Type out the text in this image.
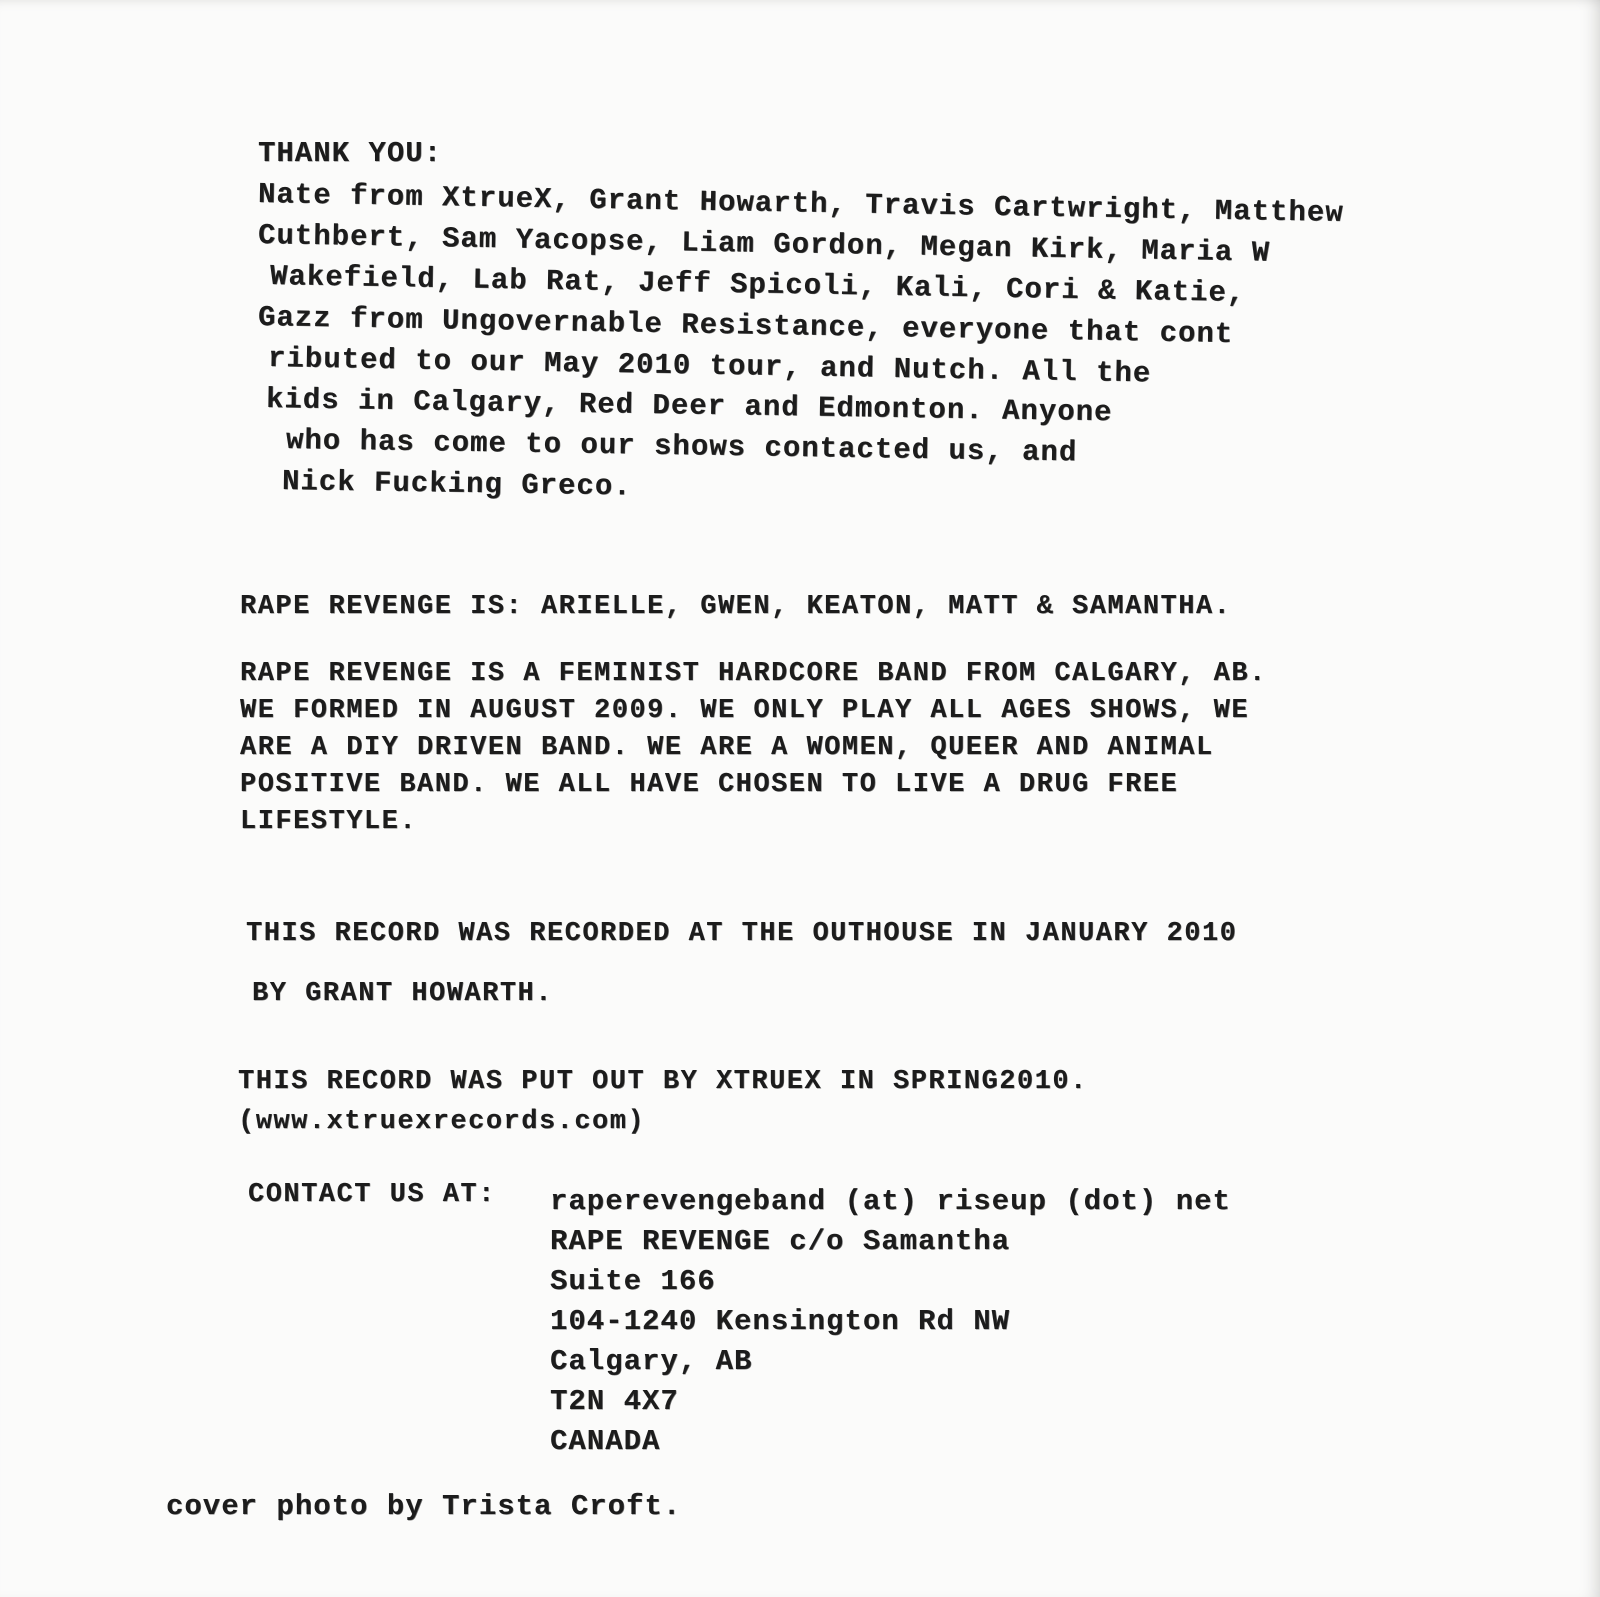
THANK YOU:
Nate from XtrueX, Grant Howarth, Travis Cartwright, Matthew
Cuthbert, Sam Yacopse, Liam Gordon, Megan Kirk, Maria W
Wakefield, Lab Rat, Jeff Spicoli, Kali, Cori & Katie,
Gazz from Ungovernable Resistance, everyone that cont
ributed to our May 2010 tour, and Nutch. All the
kids in Calgary, Red Deer and Edmonton. Anyone
who has come to our shows contacted us, and
Nick Fucking Greco.
RAPE REVENGE IS: ARIELLE, GWEN, KEATON, MATT & SAMANTHA.
RAPE REVENGE IS A FEMINIST HARDCORE BAND FROM CALGARY, AB.
WE FORMED IN AUGUST 2009. WE ONLY PLAY ALL AGES SHOWS, WE
ARE A DIY DRIVEN BAND. WE ARE A WOMEN, QUEER AND ANIMAL
POSITIVE BAND. WE ALL HAVE CHOSEN TO LIVE A DRUG FREE
LIFESTYLE.
THIS RECORD WAS RECORDED AT THE OUTHOUSE IN JANUARY 2010
BY GRANT HOWARTH.
THIS RECORD WAS PUT OUT BY XTRUEX IN SPRING2010.
(www.xtruexrecords.com)
CONTACT US AT: raperevengeband (at) riseup (dot) net
RAPE REVENGE c/o Samantha
Suite 166
104-1240 Kensington Rd NW
Calgary, AB
T2N 4X7
CANADA
cover photo by Trista Croft.
